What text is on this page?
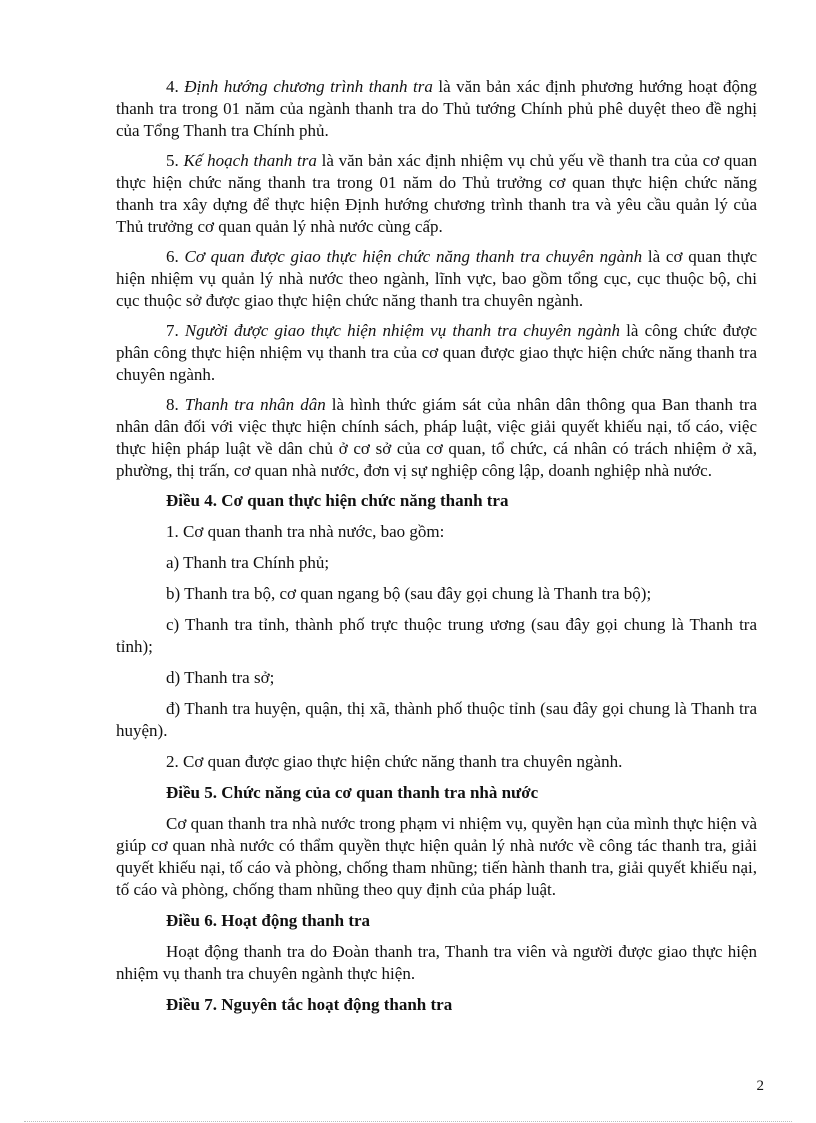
4. Định hướng chương trình thanh tra là văn bản xác định phương hướng hoạt động thanh tra trong 01 năm của ngành thanh tra do Thủ tướng Chính phủ phê duyệt theo đề nghị của Tổng Thanh tra Chính phủ.

5. Kế hoạch thanh tra là văn bản xác định nhiệm vụ chủ yếu về thanh tra của cơ quan thực hiện chức năng thanh tra trong 01 năm do Thủ trưởng cơ quan thực hiện chức năng thanh tra xây dựng để thực hiện Định hướng chương trình thanh tra và yêu cầu quản lý của Thủ trưởng cơ quan quản lý nhà nước cùng cấp.

6. Cơ quan được giao thực hiện chức năng thanh tra chuyên ngành là cơ quan thực hiện nhiệm vụ quản lý nhà nước theo ngành, lĩnh vực, bao gồm tổng cục, cục thuộc bộ, chi cục thuộc sở được giao thực hiện chức năng thanh tra chuyên ngành.

7. Người được giao thực hiện nhiệm vụ thanh tra chuyên ngành là công chức được phân công thực hiện nhiệm vụ thanh tra của cơ quan được giao thực hiện chức năng thanh tra chuyên ngành.

8. Thanh tra nhân dân là hình thức giám sát của nhân dân thông qua Ban thanh tra nhân dân đối với việc thực hiện chính sách, pháp luật, việc giải quyết khiếu nại, tố cáo, việc thực hiện pháp luật về dân chủ ở cơ sở của cơ quan, tổ chức, cá nhân có trách nhiệm ở xã, phường, thị trấn, cơ quan nhà nước, đơn vị sự nghiệp công lập, doanh nghiệp nhà nước.

Điều 4. Cơ quan thực hiện chức năng thanh tra

1. Cơ quan thanh tra nhà nước, bao gồm:

a) Thanh tra Chính phủ;

b) Thanh tra bộ, cơ quan ngang bộ (sau đây gọi chung là Thanh tra bộ);

c) Thanh tra tỉnh, thành phố trực thuộc trung ương (sau đây gọi chung là Thanh tra tỉnh);

d) Thanh tra sở;

đ) Thanh tra huyện, quận, thị xã, thành phố thuộc tỉnh (sau đây gọi chung là Thanh tra huyện).

2. Cơ quan được giao thực hiện chức năng thanh tra chuyên ngành.

Điều 5. Chức năng của cơ quan thanh tra nhà nước

Cơ quan thanh tra nhà nước trong phạm vi nhiệm vụ, quyền hạn của mình thực hiện và giúp cơ quan nhà nước có thẩm quyền thực hiện quản lý nhà nước về công tác thanh tra, giải quyết khiếu nại, tố cáo và phòng, chống tham nhũng; tiến hành thanh tra, giải quyết khiếu nại, tố cáo và phòng, chống tham nhũng theo quy định của pháp luật.

Điều 6. Hoạt động thanh tra

Hoạt động thanh tra do Đoàn thanh tra, Thanh tra viên và người được giao thực hiện nhiệm vụ thanh tra chuyên ngành thực hiện.

Điều 7. Nguyên tắc hoạt động thanh tra

2
